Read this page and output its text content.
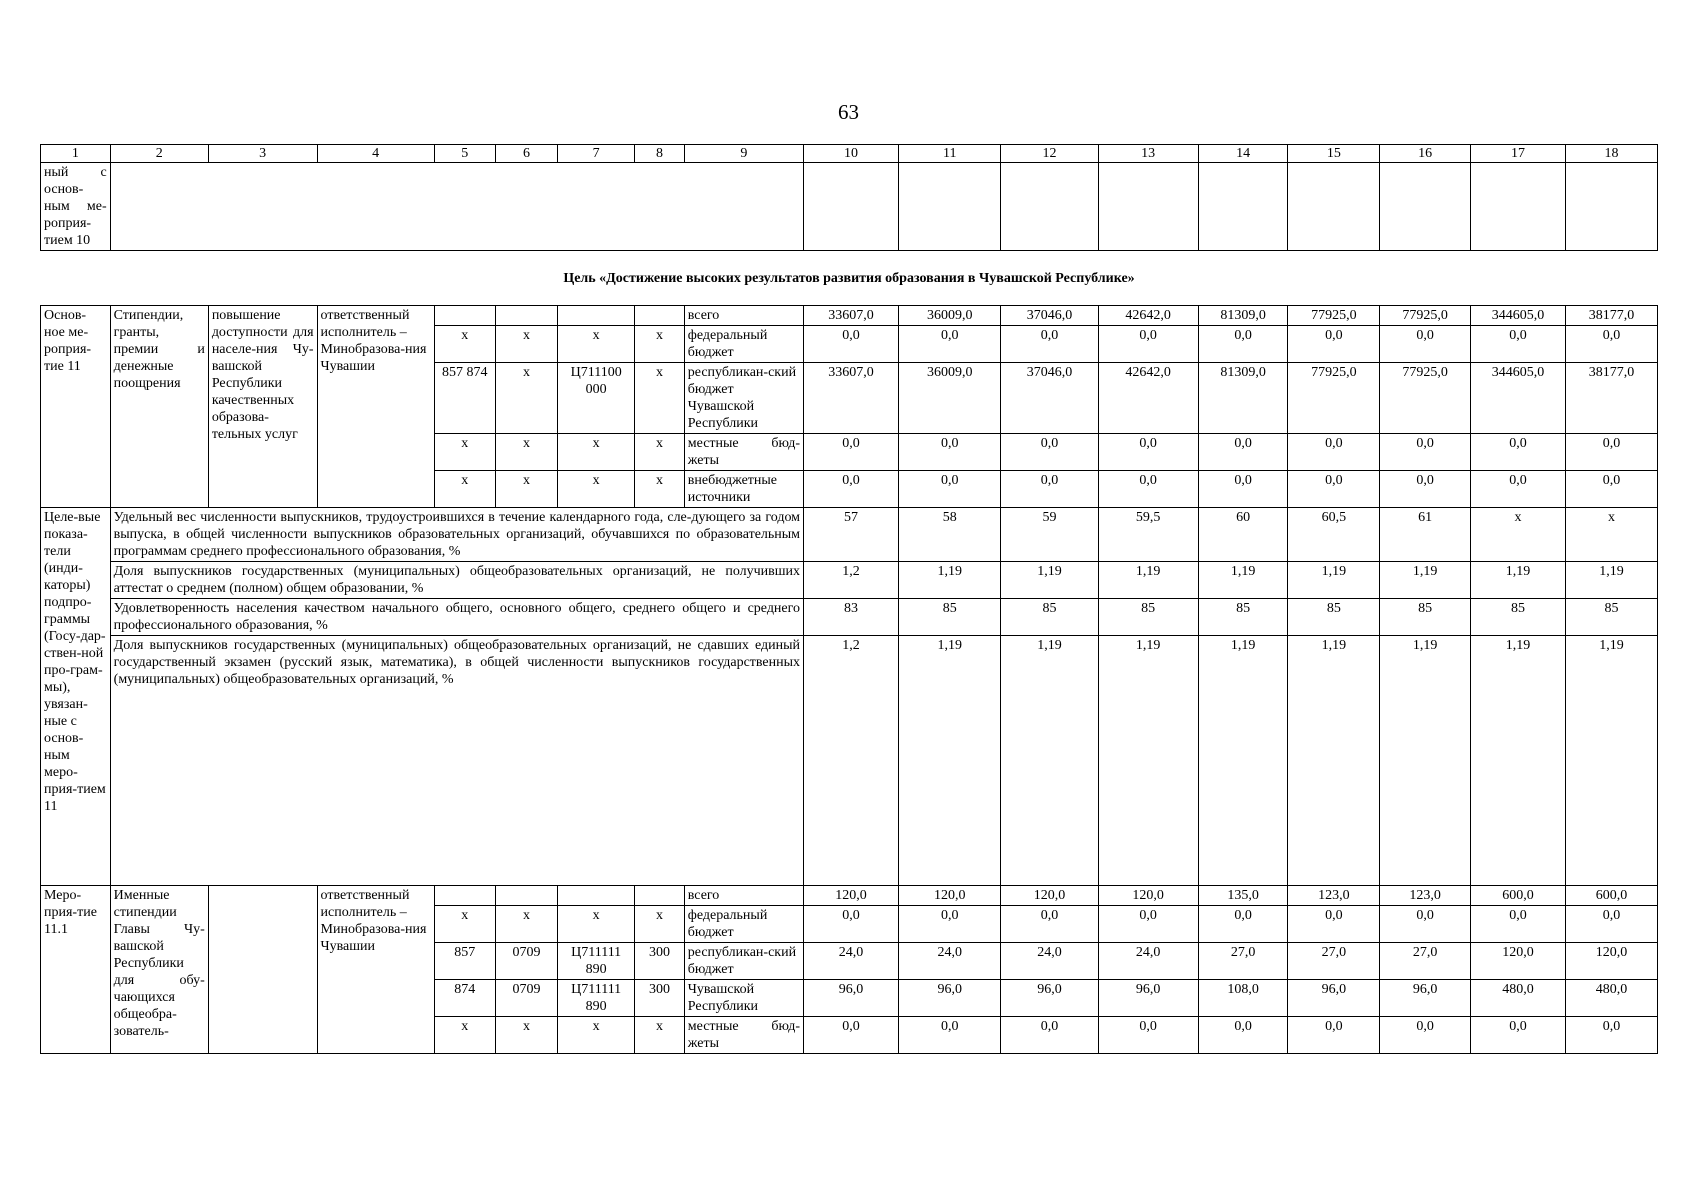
63
1	2	3	4	5	6	7	8	9	10	11	12	13	14	15	16	17	18
ный с основ-ным ме-роприя-тием 10																	
Цель «Достижение высоких результатов развития образования в Чувашской Республике»																	
Основ-ное ме-роприя-тие 11	Стипендии, гранты, премии и денежные поощрения	повышение доступности для населе-ния Чу-вашской Республики качественных образова-тельных услуг	ответственный исполнитель – Минобразова-ния Чувашии					всего	33607,0	36009,0	37046,0	42642,0	81309,0	77925,0	77925,0	344605,0	38177,0
				х	х	х	х	федеральный бюджет	0,0	0,0	0,0	0,0	0,0	0,0	0,0	0,0	0,0
				857 874	х	Ц711100 000	х	республикан-ский бюджет Чувашской Республики	33607,0	36009,0	37046,0	42642,0	81309,0	77925,0	77925,0	344605,0	38177,0
				х	х	х	х	местные бюд-жеты	0,0	0,0	0,0	0,0	0,0	0,0	0,0	0,0	0,0
				х	х	х	х	внебюджетные источники	0,0	0,0	0,0	0,0	0,0	0,0	0,0	0,0	0,0
Целе-вые показа-тели (инди-каторы) подпро-граммы (Госу-дар-ствен-ной про-грам-мы), увязан-ные с основ-ным меро-прия-тием 11	Удельный вес численности выпускников, трудоустроившихся в течение календарного года, сле-дующего за годом выпуска, в общей численности выпускников образовательных организаций, обучавшихся по образовательным программам среднего профессионального образования, %								57	58	59	59,5	60	60,5	61	х	х
	Доля выпускников государственных (муниципальных) общеобразовательных организаций, не получивших аттестат о среднем (полном) общем образовании, %								1,2	1,19	1,19	1,19	1,19	1,19	1,19	1,19	1,19
	Удовлетворенность населения качеством начального общего, основного общего, среднего общего и среднего профессионального образования, %								83	85	85	85	85	85	85	85	85
	Доля выпускников государственных (муниципальных) общеобразовательных организаций, не сдавших единый государственный экзамен (русский язык, математика), в общей численности выпускников государственных (муниципальных) общеобразовательных организаций, %								1,2	1,19	1,19	1,19	1,19	1,19	1,19	1,19	1,19
Меро-прия-тие 11.1	Именные стипендии Главы Чу-вашской Республики для обу-чающихся общеобра-зователь-		ответственный исполнитель – Минобразова-ния Чувашии					всего	120,0	120,0	120,0	120,0	135,0	123,0	123,0	600,0	600,0
				х	х	х	х	федеральный бюджет	0,0	0,0	0,0	0,0	0,0	0,0	0,0	0,0	0,0
				857	0709	Ц711111 890	300	республикан-ский бюджет	24,0	24,0	24,0	24,0	27,0	27,0	27,0	120,0	120,0
				874	0709	Ц711111 890	300	Чувашской Республики	96,0	96,0	96,0	96,0	108,0	96,0	96,0	480,0	480,0
				х	х	х	х	местные бюд-жеты	0,0	0,0	0,0	0,0	0,0	0,0	0,0	0,0	0,0
